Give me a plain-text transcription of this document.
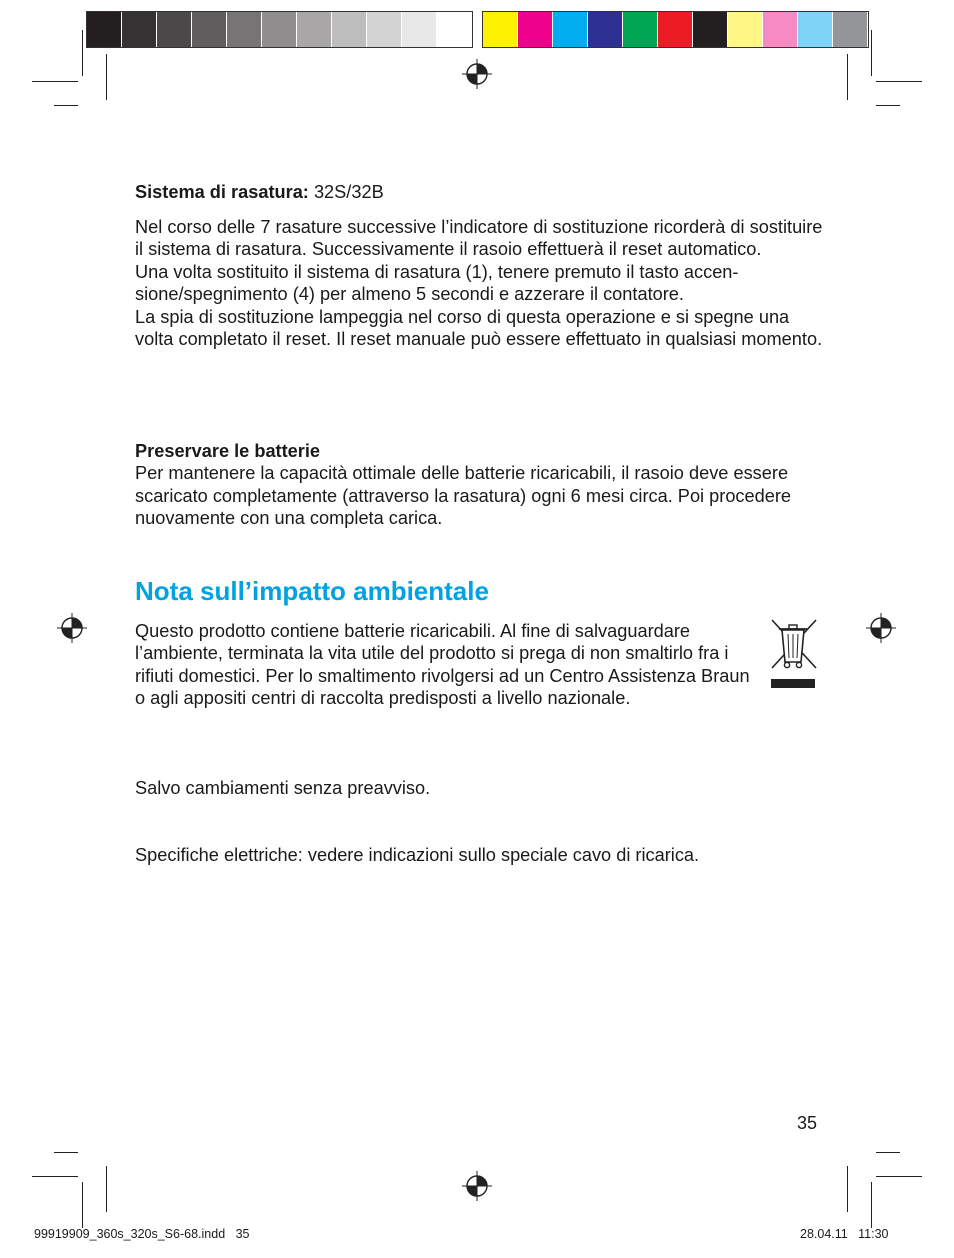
Sistema di rasatura: 32S/32B

Nel corso delle 7 rasature successive l’indicatore di sostituzione ricorderà di sostituire il sistema di rasatura. Successivamente il rasoio effettuerà il reset automatico.

Una volta sostituito il sistema di rasatura (1), tenere premuto il tasto accen-sione/spegnimento (4) per almeno 5 secondi e azzerare il contatore.

La spia di sostituzione lampeggia nel corso di questa operazione e si spegne una volta completato il reset. Il reset manuale può essere effettuato in qualsiasi momento.

Preservare le batterie

Per mantenere la capacità ottimale delle batterie ricaricabili, il rasoio deve essere scaricato completamente (attraverso la rasatura) ogni 6 mesi circa. Poi procedere nuovamente con una completa carica.

Nota sull’impatto ambientale

Questo prodotto contiene batterie ricaricabili. Al fine di salvaguardare l’ambiente, terminata la vita utile del prodotto si prega di non smaltirlo fra i rifiuti domestici. Per lo smaltimento rivolgersi ad un Centro Assistenza Braun o agli appositi centri di raccolta predisposti a livello nazionale.

Salvo cambiamenti senza preavviso.

Specifiche elettriche: vedere indicazioni sullo speciale cavo di ricarica.

35
99919909_360s_320s_S6-68.indd   35	28.04.11   11:30
